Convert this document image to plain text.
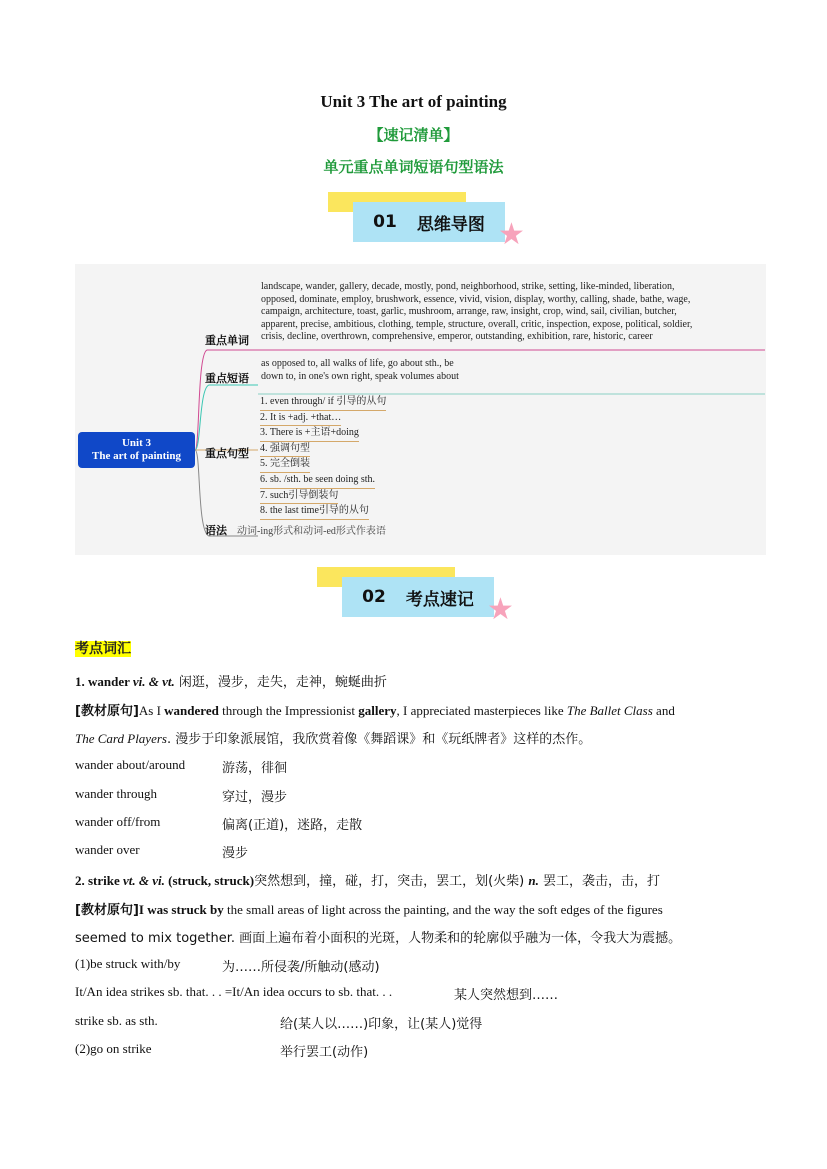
Unit 3 The art of painting
【速记清单】
单元重点单词短语句型语法
01 思维导图 ★
Unit 3
The art of painting
重点单词
landscape, wander, gallery, decade, mostly, pond, neighborhood, strike, setting, like-minded, liberation,
opposed, dominate, employ, brushwork, essence, vivid, vision, display, worthy, calling, shade, bathe, wage,
campaign, architecture, toast, garlic, mushroom, arrange, raw, insight, crop, wind, sail, civilian, butcher,
apparent, precise, ambitious, clothing, temple, structure, overall, critic, inspection, expose, political, soldier,
crisis, decline, overthrown, comprehensive, emperor, outstanding, exhibition, rare, historic, career
重点短语
as opposed to, all walks of life, go about sth., be
down to, in one's own right, speak volumes about
重点句型
1. even through/ if 引导的从句
2. It is +adj. +that…
3. There is +主语+doing
4. 强调句型
5. 完全倒装
6. sb. /sth. be seen doing sth.
7. such引导倒装句
8. the last time引导的从句
语法 动词-ing形式和动词-ed形式作表语
02 考点速记 ★
考点词汇
1. wander vi. & vt. 闲逛，漫步，走失，走神，蜿蜒曲折
[教材原句]As I wandered through the Impressionist gallery, I appreciated masterpieces like The Ballet Class and
The Card Players. 漫步于印象派展馆，我欣赏着像《舞蹈课》和《玩纸牌者》这样的杰作。
wander about/around	游荡，徘徊
wander through	穿过，漫步
wander off/from	偏离(正道)，迷路，走散
wander over	漫步
2. strike vt. & vi. (struck, struck)突然想到，撞，碰，打，突击，罢工，划(火柴) n. 罢工，袭击，击，打
[教材原句]I was struck by the small areas of light across the painting, and the way the soft edges of the figures
seemed to mix together. 画面上遍布着小面积的光斑，人物柔和的轮廓似乎融为一体，令我大为震撼。
(1)be struck with/by	为……所侵袭/所触动(感动)
It/An idea strikes sb. that. . . =It/An idea occurs to sb. that. . .	某人突然想到……
strike sb. as sth.	给(某人以……)印象，让(某人)觉得
(2)go on strike	举行罢工(动作)
